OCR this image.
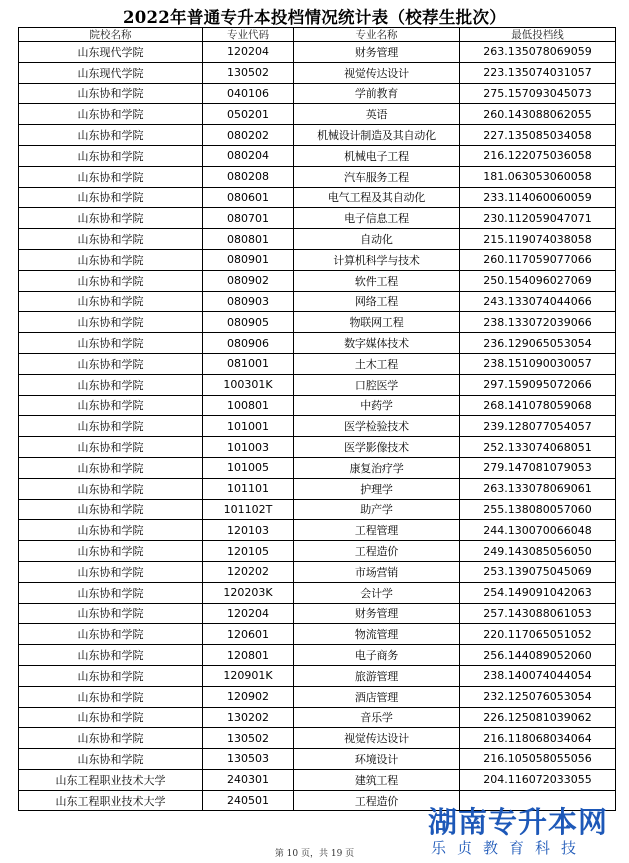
2022年普通专升本投档情况统计表（校荐生批次）
院校名称	专业代码	专业名称	最低投档线
山东现代学院	120204	财务管理	263.135078069059
山东现代学院	130502	视觉传达设计	223.135074031057
山东协和学院	040106	学前教育	275.157093045073
山东协和学院	050201	英语	260.143088062055
山东协和学院	080202	机械设计制造及其自动化	227.135085034058
山东协和学院	080204	机械电子工程	216.122075036058
山东协和学院	080208	汽车服务工程	181.063053060058
山东协和学院	080601	电气工程及其自动化	233.114060060059
山东协和学院	080701	电子信息工程	230.112059047071
山东协和学院	080801	自动化	215.119074038058
山东协和学院	080901	计算机科学与技术	260.117059077066
山东协和学院	080902	软件工程	250.154096027069
山东协和学院	080903	网络工程	243.133074044066
山东协和学院	080905	物联网工程	238.133072039066
山东协和学院	080906	数字媒体技术	236.129065053054
山东协和学院	081001	土木工程	238.151090030057
山东协和学院	100301K	口腔医学	297.159095072066
山东协和学院	100801	中药学	268.141078059068
山东协和学院	101001	医学检验技术	239.128077054057
山东协和学院	101003	医学影像技术	252.133074068051
山东协和学院	101005	康复治疗学	279.147081079053
山东协和学院	101101	护理学	263.133078069061
山东协和学院	101102T	助产学	255.138080057060
山东协和学院	120103	工程管理	244.130070066048
山东协和学院	120105	工程造价	249.143085056050
山东协和学院	120202	市场营销	253.139075045069
山东协和学院	120203K	会计学	254.149091042063
山东协和学院	120204	财务管理	257.143088061053
山东协和学院	120601	物流管理	220.117065051052
山东协和学院	120801	电子商务	256.144089052060
山东协和学院	120901K	旅游管理	238.140074044054
山东协和学院	120902	酒店管理	232.125076053054
山东协和学院	130202	音乐学	226.125081039062
山东协和学院	130502	视觉传达设计	216.118068034064
山东协和学院	130503	环境设计	216.105058055056
山东工程职业技术大学	240301	建筑工程	204.116072033055
山东工程职业技术大学	240501	工程造价	
第 10 页，共 19 页
湖南专升本网
乐贞教育科技
